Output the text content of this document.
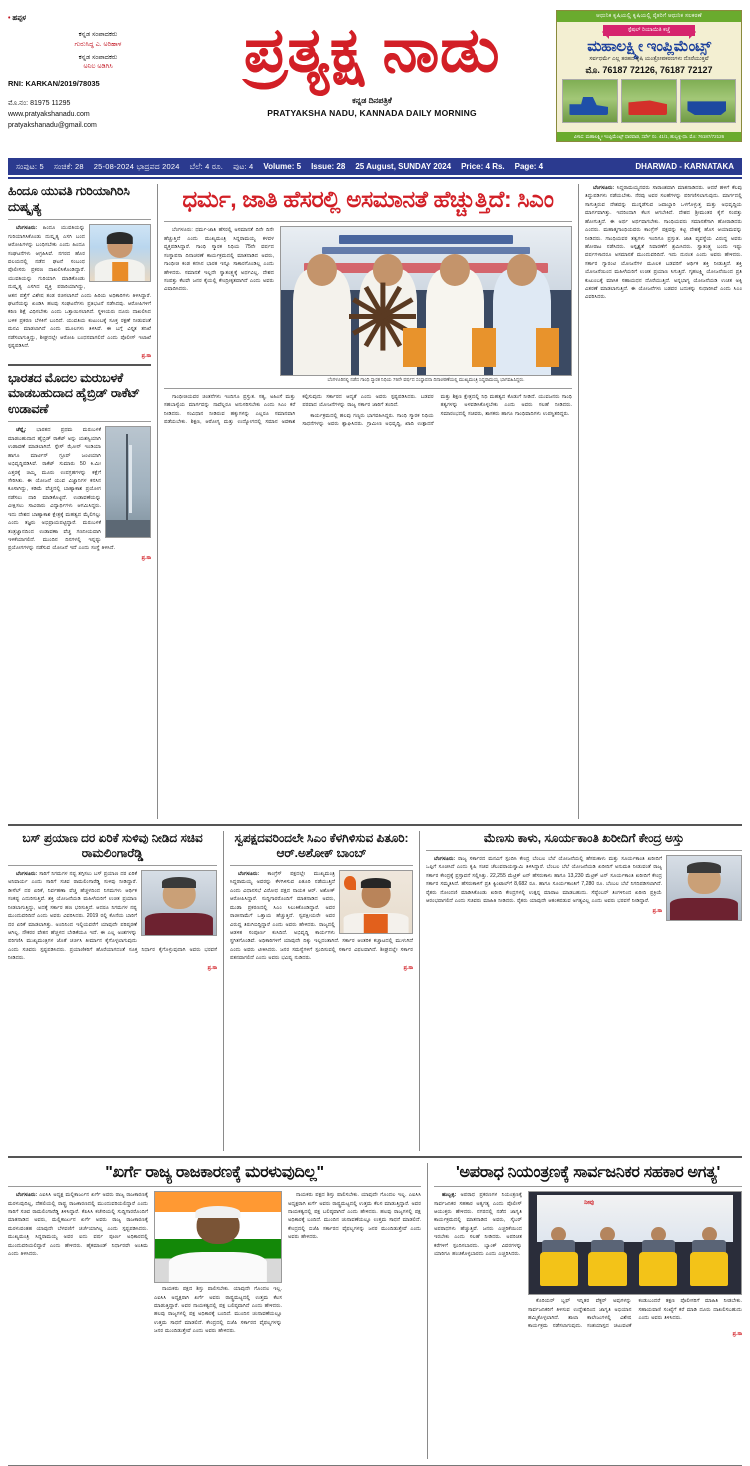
• ಹಪ್ಪಳ
ಕನ್ನಡ ಸಂಪಾದಕರು
ಗುರುಸಿದ್ಧ ಎ. ಅರಿಹಾಳ
ಕನ್ನಡ ಸಂಪಾದಕರು
ಅನಿಲ ಅಡಿಗಿಸಿ
RNI: KARKAN/2019/78035
ಮೊ.ನಂ: 81975 11295
www.pratyakshanadu.com
pratyakshanadu@gmail.com
ಪ್ರತ್ಯಕ್ಷ ನಾಡು
ಕನ್ನಡ ದಿನಪತ್ರಿಕೆ
PRATYAKSHA NADU, KANNADA DAILY MORNING
ಆಧುನಿಕ ಕೃಷಿಯಲ್ಲಿ ಕೃಷಿಯಲ್ಲಿ ರೈತರಿಗೆ ಆಧುನಿಕ ಸಲಕರಣೆ
ಸ್ಪೆಷಲ್ ರಿಯಾಯಿತಿ ಕಚ್ಚೆ
ಮಹಾಲಕ್ಷ್ಮೀ ಇಂಪ್ಲಿಮೆಂಟ್ಸ್
ಸರ್ವಧರ್ಮೆ ಎಲ್ಲ ತರಹದ ಕೃಷಿ ಯಂತ್ರೋಪಕರಣಗಳು ದೊರೆಯುತ್ತವೆ
ಮೊ. 76187 72126, 76187 72127
ವಿಳಾಸ: ಮಹಾಲಕ್ಷ್ಮೀ ಇಂಪ್ಲಿಮೆಂಟ್ಸ್ ಧಾರವಾಡ, ಸರ್ವೇ ನಂ. 41/1, ಹುಬ್ಬಳ್ಳಿ-ಧಾ. ಮೊ: 76187/72126
ಸಂಪುಟ: 5 ಸಂಚಿಕೆ: 28 25-08-2024 ಭಾದ್ರಪದ 2024 ಬೆಲೆ: 4 ರೂ. ಪುಟ: 4 Volume: 5 Issue: 28 25 August, SUNDAY 2024 Price: 4 Rs. Page: 4	DHARWAD - KARNATAKA
ಹಿಂದೂ ಯುವತಿ ಗುರಿಯಾಗಿರಿಸಿ ದುಷ್ಕೃತ್ಯ

ಬೆಂಗಳೂರು: ಹಿಂದೂ ಯುವತಿಯನ್ನು ಗುರಿಯಾಗಿಸಿಕೊಂಡು ದುಷ್ಕೃತ್ಯ ಎಸಗಿ ಬಂದ ಆರೋಪಿಗಳನ್ನು ಬಂಧಿಸಬೇಕು ಎಂದು ಹಿಂದೂ ಸಂಘಟನೆಗಳು ಆಗ್ರಹಿಸಿವೆ. ನಗರದ ಹೊರ ವಲಯದಲ್ಲಿ ನಡೆದ ಘಟನೆ ಸಂಬಂಧ ಪೊಲೀಸರು ಪ್ರಕರಣ ದಾಖಲಿಸಿಕೊಂಡಿದ್ದಾರೆ. ಯುವತಿಯನ್ನು ಗುರಿಯಾಗಿ ಮಾಡಿಕೊಂಡು ದುಷ್ಕೃತ್ಯ ಎಸಗಿದ ವ್ಯಕ್ತಿ ಪರಾರಿಯಾಗಿದ್ದು, ಆತನ ಪತ್ತೆಗೆ ವಿಶೇಷ ತಂಡ ರಚಿಸಲಾಗಿದೆ ಎಂದು ಹಿರಿಯ ಅಧಿಕಾರಿಗಳು ತಿಳಿಸಿದ್ದಾರೆ. ಘಟನೆಯನ್ನು ಖಂಡಿಸಿ ಹಲವು ಸಂಘಟನೆಗಳು ಪ್ರತಿಭಟನೆ ನಡೆಸಿದವು. ಆರೋಪಿಗಳಿಗೆ ಕಠಿಣ ಶಿಕ್ಷೆ ವಿಧಿಸಬೇಕು ಎಂದು ಒತ್ತಾಯಿಸಲಾಗಿದೆ. ಸ್ಥಳೀಯರು ದೂರು ದಾಖಲಿಸಿದ ಬಳಿಕ ಪ್ರಕರಣ ಬೆಳಕಿಗೆ ಬಂದಿದೆ. ಯುವತಿಯ ಕುಟುಂಬಕ್ಕೆ ಸೂಕ್ತ ರಕ್ಷಣೆ ನೀಡುವಂತೆ ಮನವಿ ಮಾಡಲಾಗಿದೆ ಎಂದು ಮೂಲಗಳು ತಿಳಿಸಿವೆ. ಈ ಬಗ್ಗೆ ವಿಸ್ತೃತ ತನಿಖೆ ನಡೆಸಲಾಗುತ್ತಿದ್ದು, ಶೀಘ್ರದಲ್ಲೇ ಆರೋಪಿ ಬಂಧನವಾಗಲಿದೆ ಎಂದು ಪೊಲೀಸ್ ಇಲಾಖೆ ಸ್ಪಷ್ಟಪಡಿಸಿದೆ.

ಪ್ರ.ನಾ
ಭಾರತದ ಮೊದಲ ಮರುಬಳಕೆ ಮಾಡಬಹುದಾದ ಹೈಬ್ರಿಡ್ ರಾಕೆಟ್ ಉಡಾವಣೆ

ಚೆನ್ನೈ: ಭಾರತದ ಪ್ರಥಮ ಮರುಬಳಕೆ ಮಾಡಬಹುದಾದ ಹೈಬ್ರಿಡ್ ರಾಕೆಟ್ ಅನ್ನು ಯಶಸ್ವಿಯಾಗಿ ಉಡಾವಣೆ ಮಾಡಲಾಗಿದೆ. ಸ್ಪೇಸ್ ಝೋನ್ ಇಂಡಿಯಾ ಹಾಗೂ ಮಾರ್ಟಿನ್ ಗ್ರೂಪ್ ಜಂಟಿಯಾಗಿ ಅಭಿವೃದ್ಧಿಪಡಿಸಿವೆ. ರಾಕೆಟ್ ಸುಮಾರು 50 ಕಿ.ಮೀ ಎತ್ತರಕ್ಕೆ ಚಿಮ್ಮಿ ಮೂರು ಉಪಗ್ರಹಗಳನ್ನು ಕಕ್ಷೆಗೆ ಸೇರಿಸಿತು. ಈ ಯೋಜನೆ ಯುವ ವಿಜ್ಞಾನಿಗಳ ಕನಸಿನ ಕೂಸಾಗಿದ್ದು, ಕಡಿಮೆ ವೆಚ್ಚದಲ್ಲಿ ಬಾಹ್ಯಾಕಾಶ ಪ್ರಯೋಗ ನಡೆಸಲು ದಾರಿ ಮಾಡಿಕೊಟ್ಟಿದೆ. ಉಡಾವಣೆಯನ್ನು ವೀಕ್ಷಿಸಲು ಸಾವಿರಾರು ವಿದ್ಯಾರ್ಥಿಗಳು ಆಗಮಿಸಿದ್ದರು. ಇದು ದೇಶದ ಬಾಹ್ಯಾಕಾಶ ಕ್ಷೇತ್ರಕ್ಕೆ ಮಹತ್ವದ ಮೈಲಿಗಲ್ಲು ಎಂದು ತಜ್ಞರು ಅಭಿಪ್ರಾಯಪಟ್ಟಿದ್ದಾರೆ. ಮರುಬಳಕೆ ತಂತ್ರಜ್ಞಾನದಿಂದ ಉಡಾವಣಾ ವೆಚ್ಚ ಗಣನೀಯವಾಗಿ ಇಳಿಕೆಯಾಗಲಿದೆ. ಮುಂದಿನ ದಿನಗಳಲ್ಲಿ ಇನ್ನಷ್ಟು ಪ್ರಯೋಗಗಳನ್ನು ನಡೆಸುವ ಯೋಜನೆ ಇದೆ ಎಂದು ಸಂಸ್ಥೆ ತಿಳಿಸಿದೆ.

ಪ್ರ.ನಾ
ಧರ್ಮ, ಜಾತಿ ಹೆಸರಲ್ಲಿ ಅಸಮಾನತೆ ಹೆಚ್ಚುತ್ತಿದೆ: ಸಿಎಂ

ಬೆಂಗಳೂರು: ಧರ್ಮ-ಜಾತಿ ಹೆಸರಲ್ಲಿ ಅಸಮಾನತೆ ದಿನೇ ದಿನೇ ಹೆಚ್ಚುತ್ತಿದೆ ಎಂದು ಮುಖ್ಯಮಂತ್ರಿ ಸಿದ್ದರಾಮಯ್ಯ ಕಳವಳ ವ್ಯಕ್ತಪಡಿಸಿದ್ದಾರೆ. ಗಾಂಧಿ ಸ್ಮಾರಕ ನಿಧಿಯ 75ನೇ ವರ್ಷದ ಸಂಸ್ಥಾಪನಾ ದಿನಾಚರಣೆ ಕಾರ್ಯಕ್ರಮದಲ್ಲಿ ಮಾತನಾಡಿದ ಅವರು, ಗಾಂಧೀಜಿ ಕಂಡ ಕನಸಿನ ಭಾರತ ಇನ್ನೂ ಸಾಕಾರಗೊಂಡಿಲ್ಲ ಎಂದು ಹೇಳಿದರು. ಸಮಾನತೆ ಇಲ್ಲದೇ ಸ್ವಾತಂತ್ರ್ಯಕ್ಕೆ ಅರ್ಥವಿಲ್ಲ. ದೇಶದ ಸಂಪತ್ತು ಕೆಲವೇ ಜನರ ಕೈಯಲ್ಲಿ ಕೇಂದ್ರೀಕೃತವಾಗಿದೆ ಎಂದು ಅವರು ವಿಷಾದಿಸಿದರು.

ಬೆಂಗಳೂರಿನಲ್ಲಿ ನಡೆದ ಗಾಂಧಿ ಸ್ಮಾರಕ ನಿಧಿಯ 75ನೇ ವರ್ಷದ ಸಂಸ್ಥಾಪನಾ ದಿನಾಚರಣೆಯಲ್ಲಿ ಮುಖ್ಯಮಂತ್ರಿ ಸಿದ್ದರಾಮಯ್ಯ ಭಾಗವಹಿಸಿದ್ದರು.

ಗಾಂಧೀಜಿಯವರ ಚಿಂತನೆಗಳು ಇಂದಿಗೂ ಪ್ರಸ್ತುತ. ಸತ್ಯ, ಅಹಿಂಸೆ ಮತ್ತು ಸಹಬಾಳ್ವೆಯ ಮಾರ್ಗವನ್ನು ನಾವೆಲ್ಲರೂ ಅನುಸರಿಸಬೇಕು ಎಂದು ಸಿಎಂ ಕರೆ ನೀಡಿದರು. ಸಂವಿಧಾನ ನೀಡಿರುವ ಹಕ್ಕುಗಳನ್ನು ಎಲ್ಲರೂ ಸಮಾನವಾಗಿ ಪಡೆಯಬೇಕು. ಶಿಕ್ಷಣ, ಆರೋಗ್ಯ ಮತ್ತು ಉದ್ಯೋಗದಲ್ಲಿ ಸಮಾನ ಅವಕಾಶ ಕಲ್ಪಿಸುವುದು ಸರ್ಕಾರದ ಆದ್ಯತೆ ಎಂದು ಅವರು ಸ್ಪಷ್ಟಪಡಿಸಿದರು. ಬಡವರ ಪರವಾದ ಯೋಜನೆಗಳನ್ನು ರಾಜ್ಯ ಸರ್ಕಾರ ಜಾರಿಗೆ ತಂದಿದೆ.

ಕಾರ್ಯಕ್ರಮದಲ್ಲಿ ಹಲವು ಗಣ್ಯರು ಭಾಗವಹಿಸಿದ್ದರು. ಗಾಂಧಿ ಸ್ಮಾರಕ ನಿಧಿಯ ಸಾಧನೆಗಳನ್ನು ಅವರು ಶ್ಲಾಘಿಸಿದರು. ಗ್ರಾಮೀಣ ಅಭಿವೃದ್ಧಿ, ಖಾದಿ ಉತ್ಪಾದನೆ ಮತ್ತು ಶಿಕ್ಷಣ ಕ್ಷೇತ್ರದಲ್ಲಿ ನಿಧಿ ಮಹತ್ವದ ಕೊಡುಗೆ ನೀಡಿದೆ. ಯುವಜನರು ಗಾಂಧಿ ತತ್ವಗಳನ್ನು ಅಳವಡಿಸಿಕೊಳ್ಳಬೇಕು ಎಂದು ಅವರು ಸಲಹೆ ನೀಡಿದರು. ಸಮಾರಂಭದಲ್ಲಿ ಸಚಿವರು, ಶಾಸಕರು ಹಾಗೂ ಗಾಂಧಿವಾದಿಗಳು ಉಪಸ್ಥಿತರಿದ್ದರು.

ಬೆಂಗಳೂರು: ಸಿದ್ದರಾಮಯ್ಯನವರು ಸಾರಾಂಶವಾಗಿ ಮಾತನಾಡಿದರು. ಆದರೆ ಹಳಿಗೆ ಕೆಲವು ತಿದ್ದುಪಡಿಗಳು ನಡೆಯಬೇಕು. ನೆರವು ಅವರ ಸಲಹೆಗಳನ್ನು ಪರಿಗಣಿಸಲಾಗುವುದು. ಮಾರ್ಗದಲ್ಲಿ ಸಾಗುತ್ತಿರುವ ದೇಶವನ್ನು ಮುನ್ನಡೆಸುವ ಜವಾಬ್ದಾರಿ ಒಳಗೊಳ್ಳುತ್ತ ಮತ್ತು ಅಭಿವೃದ್ಧಿಯ ಮಾರ್ಗವಾಗಿತ್ತು. ಇದರಿಂದಾಗಿ ಕೆಲಸ ಆಗಬೇಕಿದೆ. ದೇಶದ ಶ್ರೀಮಂತರ ಕೈಗೆ ಸಂಪತ್ತು ಹೋಗುತ್ತಿದೆ. ಈ ಅರ್ಥ ಅರ್ಥವಾಗಬೇಕು. ಗಾಂಧಿಯವರು ಸಮಾನತೆಗಾಗಿ ಹೋರಾಡಿದರು ಎಂದರು. ಮಹಾತ್ಮಗಾಂಧಿಯವರು ಕಾಂಗ್ರೆಸ್ ಪಕ್ಷವನ್ನು ಕಟ್ಟಿ ದೇಶಕ್ಕೆ ಹೊಸ ಆಯಾಮವನ್ನು ನೀಡಿದರು. ಗಾಂಧಿಯವರ ತತ್ವಗಳು ಇಂದಿಗೂ ಪ್ರಸ್ತುತ. ಜಾತಿ ವ್ಯವಸ್ಥೆಯ ವಿರುದ್ಧ ಅವರು ಹೋರಾಟ ನಡೆಸಿದರು. ಅಸ್ಪೃಶ್ಯತೆ ನಿವಾರಣೆಗೆ ಶ್ರಮಿಸಿದರು. ಸ್ವಾತಂತ್ರ್ಯ ಬಂದು ಇಷ್ಟು ವರ್ಷಗಳಾದರೂ ಅಸಮಾನತೆ ಮುಂದುವರಿದಿದೆ. ಇದು ದುರಂತ ಎಂದು ಅವರು ಹೇಳಿದರು. ಸರ್ಕಾರ ಗ್ಯಾರಂಟಿ ಯೋಜನೆಗಳ ಮೂಲಕ ಬಡವರಿಗೆ ಆರ್ಥಿಕ ಶಕ್ತಿ ನೀಡುತ್ತಿದೆ. ಶಕ್ತಿ ಯೋಜನೆಯಿಂದ ಮಹಿಳೆಯರಿಗೆ ಉಚಿತ ಪ್ರಯಾಣ ಸಿಗುತ್ತಿದೆ. ಗೃಹಲಕ್ಷ್ಮಿ ಯೋಜನೆಯಿಂದ ಪ್ರತಿ ಕುಟುಂಬಕ್ಕೆ ಮಾಸಿಕ ಸಹಾಯಧನ ದೊರೆಯುತ್ತಿದೆ. ಅನ್ನಭಾಗ್ಯ ಯೋಜನೆಯಡಿ ಉಚಿತ ಅಕ್ಕಿ ವಿತರಣೆ ಮಾಡಲಾಗುತ್ತಿದೆ. ಈ ಯೋಜನೆಗಳು ಬಡವರ ಬದುಕನ್ನು ಸುಧಾರಿಸಿವೆ ಎಂದು ಸಿಎಂ ವಿವರಿಸಿದರು.

ಬಸ್ ಪ್ರಯಾಣ ದರ ಏರಿಕೆ ಸುಳಿವು ನೀಡಿದ ಸಚಿವ ರಾಮಲಿಂಗಾರೆಡ್ಡಿ

ಬೆಂಗಳೂರು: ಸಾರಿಗೆ ನಿಗಮಗಳ ನಷ್ಟ ತಗ್ಗಿಸಲು ಬಸ್ ಪ್ರಯಾಣ ದರ ಏರಿಕೆ ಅನಿವಾರ್ಯ ಎಂದು ಸಾರಿಗೆ ಸಚಿವ ರಾಮಲಿಂಗಾರೆಡ್ಡಿ ಸುಳಿವು ನೀಡಿದ್ದಾರೆ. ಡೀಸೆಲ್ ದರ ಏರಿಕೆ, ನಿರ್ವಹಣಾ ವೆಚ್ಚ ಹೆಚ್ಚಳದಿಂದ ನಿಗಮಗಳು ಆರ್ಥಿಕ ಸಂಕಷ್ಟ ಎದುರಿಸುತ್ತಿವೆ. ಶಕ್ತಿ ಯೋಜನೆಯಡಿ ಮಹಿಳೆಯರಿಗೆ ಉಚಿತ ಪ್ರಯಾಣ ನೀಡಲಾಗುತ್ತಿದ್ದು, ಅದಕ್ಕೆ ಸರ್ಕಾರ ಹಣ ಭರಿಸುತ್ತಿದೆ. ಆದರೂ ನಿಗಮಗಳ ನಷ್ಟ ಮುಂದುವರಿದಿದೆ ಎಂದು ಅವರು ವಿವರಿಸಿದರು. 2019 ರಲ್ಲಿ ಕೊನೆಯ ಬಾರಿಗೆ ದರ ಏರಿಕೆ ಮಾಡಲಾಗಿತ್ತು. ಅಂದಿನಿಂದ ಇಲ್ಲಿಯವರೆಗೆ ಯಾವುದೇ ಪರಿಷ್ಕರಣೆ ಆಗಿಲ್ಲ. ನೌಕರರ ವೇತನ ಹೆಚ್ಚಳದ ಬೇಡಿಕೆಯೂ ಇದೆ. ಈ ಎಲ್ಲ ಅಂಶಗಳನ್ನು ಪರಿಗಣಿಸಿ ಮುಖ್ಯಮಂತ್ರಿಗಳ ಜೊತೆ ಚರ್ಚಿಸಿ ತೀರ್ಮಾನ ಕೈಗೊಳ್ಳಲಾಗುವುದು ಎಂದು ಸಚಿವರು ಸ್ಪಷ್ಟಪಡಿಸಿದರು. ಪ್ರಯಾಣಿಕರಿಗೆ ಹೊರೆಯಾಗದಂತೆ ಸೂಕ್ತ ನಿರ್ಧಾರ ಕೈಗೊಳ್ಳುವುದಾಗಿ ಅವರು ಭರವಸೆ ನೀಡಿದರು.

ಪ್ರ.ನಾ
ಸ್ವಪಕ್ಷದವರಿಂದಲೇ ಸಿಎಂ ಕೆಳಗಿಳಿಸುವ ಪಿತೂರಿ: ಆರ್.ಅಶೋಕ್ ಬಾಂಬ್

ಬೆಂಗಳೂರು: ಕಾಂಗ್ರೆಸ್ ಪಕ್ಷದಲ್ಲೇ ಮುಖ್ಯಮಂತ್ರಿ ಸಿದ್ದರಾಮಯ್ಯ ಅವರನ್ನು ಕೆಳಗಿಳಿಸುವ ಪಿತೂರಿ ನಡೆಯುತ್ತಿದೆ ಎಂದು ವಿಧಾನಸಭೆ ವಿರೋಧ ಪಕ್ಷದ ನಾಯಕ ಆರ್. ಅಶೋಕ್ ಆರೋಪಿಸಿದ್ದಾರೆ. ಸುದ್ದಿಗಾರರೊಂದಿಗೆ ಮಾತನಾಡಿದ ಅವರು, ಮುಡಾ ಪ್ರಕರಣದಲ್ಲಿ ಸಿಎಂ ಸಿಲುಕಿಕೊಂಡಿದ್ದಾರೆ. ಅವರ ರಾಜೀನಾಮೆಗೆ ಒತ್ತಾಯ ಹೆಚ್ಚುತ್ತಿದೆ. ಸ್ವಪಕ್ಷೀಯರೇ ಅವರ ವಿರುದ್ಧ ತಿರುಗಿಬಿದ್ದಿದ್ದಾರೆ ಎಂದು ಅವರು ಹೇಳಿದರು. ರಾಜ್ಯದಲ್ಲಿ ಆಡಳಿತ ಸಂಪೂರ್ಣ ಕುಸಿದಿದೆ. ಅಭಿವೃದ್ಧಿ ಕಾರ್ಯಗಳು ಸ್ಥಗಿತಗೊಂಡಿವೆ. ಅಧಿಕಾರಿಗಳಿಗೆ ಯಾವುದೇ ದಿಕ್ಕು ಇಲ್ಲದಂತಾಗಿದೆ. ಸರ್ಕಾರ ಆಂತರಿಕ ಕಚ್ಚಾಟದಲ್ಲಿ ಮುಳುಗಿದೆ ಎಂದು ಅವರು ಟೀಕಿಸಿದರು. ಜನರ ಸಮಸ್ಯೆಗಳಿಗೆ ಸ್ಪಂದಿಸುವಲ್ಲಿ ಸರ್ಕಾರ ವಿಫಲವಾಗಿದೆ. ಶೀಘ್ರದಲ್ಲೇ ಸರ್ಕಾರ ಪತನವಾಗಲಿದೆ ಎಂದು ಅವರು ಭವಿಷ್ಯ ನುಡಿದರು.

ಪ್ರ.ನಾ
ಮೆಣಸು ಕಾಳು, ಸೂರ್ಯಕಾಂತಿ ಖರೀದಿಗೆ ಕೇಂದ್ರ ಅಸ್ತು

ಬೆಂಗಳೂರು: ರಾಜ್ಯ ಸರ್ಕಾರದ ಮನವಿಗೆ ಸ್ಪಂದಿಸಿ ಕೇಂದ್ರ ಬೆಂಬಲ ಬೆಲೆ ಯೋಜನೆಯಲ್ಲಿ ಹೆಸರುಕಾಳು ಮತ್ತು ಸೂರ್ಯಕಾಂತಿ ಖರೀದಿಗೆ ಒಪ್ಪಿಗೆ ಸೂಚಿಸಿದೆ ಎಂದು ಕೃಷಿ ಸಚಿವ ಚೆಲುವರಾಯಸ್ವಾಮಿ ತಿಳಿಸಿದ್ದಾರೆ. ಬೆಂಬಲ ಬೆಲೆ ಯೋಜನೆಯಡಿ ಖರೀದಿಗೆ ಅನುಮತಿ ನೀಡುವಂತೆ ರಾಜ್ಯ ಸರ್ಕಾರ ಕೇಂದ್ರಕ್ಕೆ ಪ್ರಸ್ತಾವನೆ ಸಲ್ಲಿಸಿತ್ತು. 22,255 ಮೆಟ್ರಿಕ್ ಟನ್ ಹೆಸರುಕಾಳು ಹಾಗೂ 13,230 ಮೆಟ್ರಿಕ್ ಟನ್ ಸೂರ್ಯಕಾಂತಿ ಖರೀದಿಗೆ ಕೇಂದ್ರ ಸರ್ಕಾರ ಸಮ್ಮತಿಸಿದೆ. ಹೆಸರುಕಾಳಿಗೆ ಪ್ರತಿ ಕ್ವಿಂಟಾಲ್‌ಗೆ 8,682 ರೂ. ಹಾಗೂ ಸೂರ್ಯಕಾಂತಿಗೆ 7,280 ರೂ. ಬೆಂಬಲ ಬೆಲೆ ನಿಗದಿಪಡಿಸಲಾಗಿದೆ. ರೈತರು ನೋಂದಣಿ ಮಾಡಿಸಿಕೊಂಡು ಖರೀದಿ ಕೇಂದ್ರಗಳಲ್ಲಿ ಉತ್ಪನ್ನ ಮಾರಾಟ ಮಾಡಬಹುದು. ಸೆಪ್ಟೆಂಬರ್ ತಿಂಗಳಿನಿಂದ ಖರೀದಿ ಪ್ರಕ್ರಿಯೆ ಆರಂಭವಾಗಲಿದೆ ಎಂದು ಸಚಿವರು ಮಾಹಿತಿ ನೀಡಿದರು. ರೈತರು ಯಾವುದೇ ಆತಂಕಪಡುವ ಅಗತ್ಯವಿಲ್ಲ ಎಂದು ಅವರು ಭರವಸೆ ನೀಡಿದ್ದಾರೆ.

ಪ್ರ.ನಾ
"ಖರ್ಗೆ ರಾಜ್ಯ ರಾಜಕಾರಣಕ್ಕೆ ಮರಳುವುದಿಲ್ಲ"

ಬೆಂಗಳೂರು: ಎಐಸಿಸಿ ಅಧ್ಯಕ್ಷ ಮಲ್ಲಿಕಾರ್ಜುನ ಖರ್ಗೆ ಅವರು ರಾಜ್ಯ ರಾಜಕಾರಣಕ್ಕೆ ಮರಳುವುದಿಲ್ಲ, ದೆಹಲಿಯಲ್ಲಿ ರಾಷ್ಟ್ರ ರಾಜಕಾರಣದಲ್ಲಿ ಮುಂದುವರಿಯಲಿದ್ದಾರೆ ಎಂದು ಸಾರಿಗೆ ಸಚಿವ ರಾಮಲಿಂಗಾರೆಡ್ಡಿ ತಿಳಿಸಿದ್ದಾರೆ. ಕೆಪಿಸಿಸಿ ಕಚೇರಿಯಲ್ಲಿ ಸುದ್ದಿಗಾರರೊಂದಿಗೆ ಮಾತನಾಡಿದ ಅವರು, ಮಲ್ಲಿಕಾರ್ಜುನ ಖರ್ಗೆ ಅವರು ರಾಜ್ಯ ರಾಜಕಾರಣಕ್ಕೆ ಮರಳುವಂತಹ ಯಾವುದೇ ಬೆಳವಣಿಗೆ ಚರ್ಚೆಯಾಗಿಲ್ಲ ಎಂದು ಸ್ಪಷ್ಟಪಡಿಸಿದರು. ಮುಖ್ಯಮಂತ್ರಿ ಸಿದ್ದರಾಮಯ್ಯ ಅವರ ಐದು ವರ್ಷ ಪೂರ್ಣ ಅಧಿಕಾರದಲ್ಲಿ ಮುಂದುವರಿಯಲಿದ್ದಾರೆ ಎಂದು ಹೇಳಿದರು. ಹೈಕಮಾಂಡ್ ನಿರ್ಧಾರವೇ ಅಂತಿಮ ಎಂದು ತಿಳಿಸಿದರು.

ನಾಯಕರು ಪಕ್ಷದ ಶಿಸ್ತು ಪಾಲಿಸಬೇಕು. ಯಾವುದೇ ಗೊಂದಲ ಇಲ್ಲ. ಎಐಸಿಸಿ ಅಧ್ಯಕ್ಷರಾಗಿ ಖರ್ಗೆ ಅವರು ರಾಷ್ಟ್ರಮಟ್ಟದಲ್ಲಿ ಉತ್ತಮ ಕೆಲಸ ಮಾಡುತ್ತಿದ್ದಾರೆ. ಅವರ ನಾಯಕತ್ವದಲ್ಲಿ ಪಕ್ಷ ಬಲಿಷ್ಠವಾಗಿದೆ ಎಂದು ಹೇಳಿದರು. ಹಲವು ರಾಜ್ಯಗಳಲ್ಲಿ ಪಕ್ಷ ಅಧಿಕಾರಕ್ಕೆ ಬಂದಿದೆ. ಮುಂದಿನ ಚುನಾವಣೆಯಲ್ಲೂ ಉತ್ತಮ ಸಾಧನೆ ಮಾಡಲಿದೆ. ಕೇಂದ್ರದಲ್ಲಿ ಬಿಜೆಪಿ ಸರ್ಕಾರದ ವೈಫಲ್ಯಗಳನ್ನು ಜನರ ಮುಂದಿಡುತ್ತೇವೆ ಎಂದು ಅವರು ಹೇಳಿದರು.

ನಾಯಕರು ಪಕ್ಷದ ಶಿಸ್ತು ಪಾಲಿಸಬೇಕು. ಯಾವುದೇ ಗೊಂದಲ ಇಲ್ಲ. ಎಐಸಿಸಿ ಅಧ್ಯಕ್ಷರಾಗಿ ಖರ್ಗೆ ಅವರು ರಾಷ್ಟ್ರಮಟ್ಟದಲ್ಲಿ ಉತ್ತಮ ಕೆಲಸ ಮಾಡುತ್ತಿದ್ದಾರೆ. ಅವರ ನಾಯಕತ್ವದಲ್ಲಿ ಪಕ್ಷ ಬಲಿಷ್ಠವಾಗಿದೆ ಎಂದು ಹೇಳಿದರು. ಹಲವು ರಾಜ್ಯಗಳಲ್ಲಿ ಪಕ್ಷ ಅಧಿಕಾರಕ್ಕೆ ಬಂದಿದೆ. ಮುಂದಿನ ಚುನಾವಣೆಯಲ್ಲೂ ಉತ್ತಮ ಸಾಧನೆ ಮಾಡಲಿದೆ. ಕೇಂದ್ರದಲ್ಲಿ ಬಿಜೆಪಿ ಸರ್ಕಾರದ ವೈಫಲ್ಯಗಳನ್ನು ಜನರ ಮುಂದಿಡುತ್ತೇವೆ ಎಂದು ಅವರು ಹೇಳಿದರು.

'ಅಪರಾಧ ನಿಯಂತ್ರಣಕ್ಕೆ ಸಾರ್ವಜನಿಕರ ಸಹಕಾರ ಅಗತ್ಯ'

ಹುಬ್ಬಳ್ಳಿ: ಅಪರಾಧ ಪ್ರಕರಣಗಳ ನಿಯಂತ್ರಣಕ್ಕೆ ಸಾರ್ವಜನಿಕರ ಸಹಕಾರ ಅತ್ಯಗತ್ಯ ಎಂದು ಪೊಲೀಸ್ ಆಯುಕ್ತರು ಹೇಳಿದರು. ನಗರದಲ್ಲಿ ನಡೆದ ಜಾಗೃತಿ ಕಾರ್ಯಕ್ರಮದಲ್ಲಿ ಮಾತನಾಡಿದ ಅವರು, ಸೈಬರ್ ಅಪರಾಧಗಳು ಹೆಚ್ಚುತ್ತಿವೆ. ಜನರು ಎಚ್ಚರಿಕೆಯಿಂದ ಇರಬೇಕು ಎಂದು ಸಲಹೆ ನೀಡಿದರು. ಅಪರಿಚಿತ ಕರೆಗಳಿಗೆ ಸ್ಪಂದಿಸಬಾರದು. ಬ್ಯಾಂಕ್ ವಿವರಗಳನ್ನು ಯಾರಿಗೂ ಹಂಚಿಕೊಳ್ಳಬಾರದು ಎಂದು ಎಚ್ಚರಿಸಿದರು.

ನೀವು

ಕೊರಿಯರ್ ಬ್ಲಫ್ ಇನ್ನಿತರ ವೆಕ್ಟರ್ ಅವುಗಳನ್ನು ಸಾರ್ವಜನಿಕರಿಗೆ ತಿಳಿಸುವ ಉದ್ದೇಶದಿಂದ ಜಾಗೃತಿ ಅಭಿಯಾನ ಹಮ್ಮಿಕೊಳ್ಳಲಾಗಿದೆ. ಶಾಲಾ ಕಾಲೇಜುಗಳಲ್ಲಿ ವಿಶೇಷ ಕಾರ್ಯಕ್ರಮ ನಡೆಸಲಾಗುವುದು. ಸಂಶಯಾಸ್ಪದ ಚಟುವಟಿಕೆ ಕಂಡುಬಂದರೆ ತಕ್ಷಣ ಪೊಲೀಸರಿಗೆ ಮಾಹಿತಿ ನೀಡಬೇಕು. ಸಹಾಯವಾಣಿ ಸಂಖ್ಯೆಗೆ ಕರೆ ಮಾಡಿ ದೂರು ದಾಖಲಿಸಬಹುದು ಎಂದು ಅವರು ತಿಳಿಸಿದರು.

ಪ್ರ.ನಾ
